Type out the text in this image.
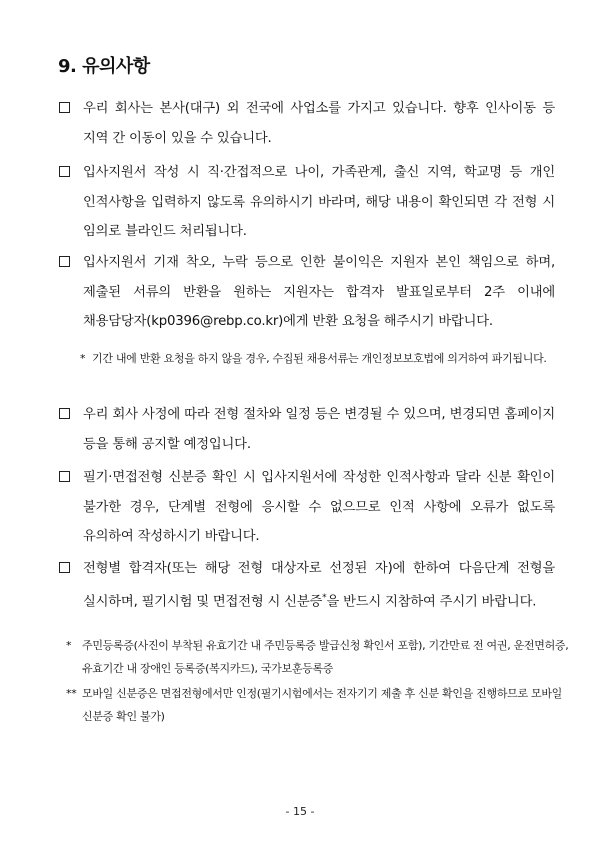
9. 유의사항
우리 회사는 본사(대구) 외 전국에 사업소를 가지고 있습니다. 향후 인사이동 등 지역 간 이동이 있을 수 있습니다.
입사지원서 작성 시 직·간접적으로 나이, 가족관계, 출신 지역, 학교명 등 개인 인적사항을 입력하지 않도록 유의하시기 바라며, 해당 내용이 확인되면 각 전형 시 임의로 블라인드 처리됩니다.
입사지원서 기재 착오, 누락 등으로 인한 불이익은 지원자 본인 책임으로 하며, 제출된 서류의 반환을 원하는 지원자는 합격자 발표일로부터 2주 이내에 채용담당자(kp0396@rebp.co.kr)에게 반환 요청을 해주시기 바랍니다.
* 기간 내에 반환 요청을 하지 않을 경우, 수집된 채용서류는 개인정보보호법에 의거하여 파기됩니다.
우리 회사 사정에 따라 전형 절차와 일정 등은 변경될 수 있으며, 변경되면 홈페이지 등을 통해 공지할 예정입니다.
필기·면접전형 신분증 확인 시 입사지원서에 작성한 인적사항과 달라 신분 확인이 불가한 경우, 단계별 전형에 응시할 수 없으므로 인적 사항에 오류가 없도록 유의하여 작성하시기 바랍니다.
전형별 합격자(또는 해당 전형 대상자로 선정된 자)에 한하여 다음단계 전형을 실시하며, 필기시험 및 면접전형 시 신분증*을 반드시 지참하여 주시기 바랍니다.
* 주민등록증(사진이 부착된 유효기간 내 주민등록증 발급신청 확인서 포함), 기간만료 전 여권, 운전면허증, 유효기간 내 장애인 등록증(복지카드), 국가보훈등록증
** 모바일 신분증은 면접전형에서만 인정(필기시험에서는 전자기기 제출 후 신분 확인을 진행하므로 모바일 신분증 확인 불가)
- 15 -
